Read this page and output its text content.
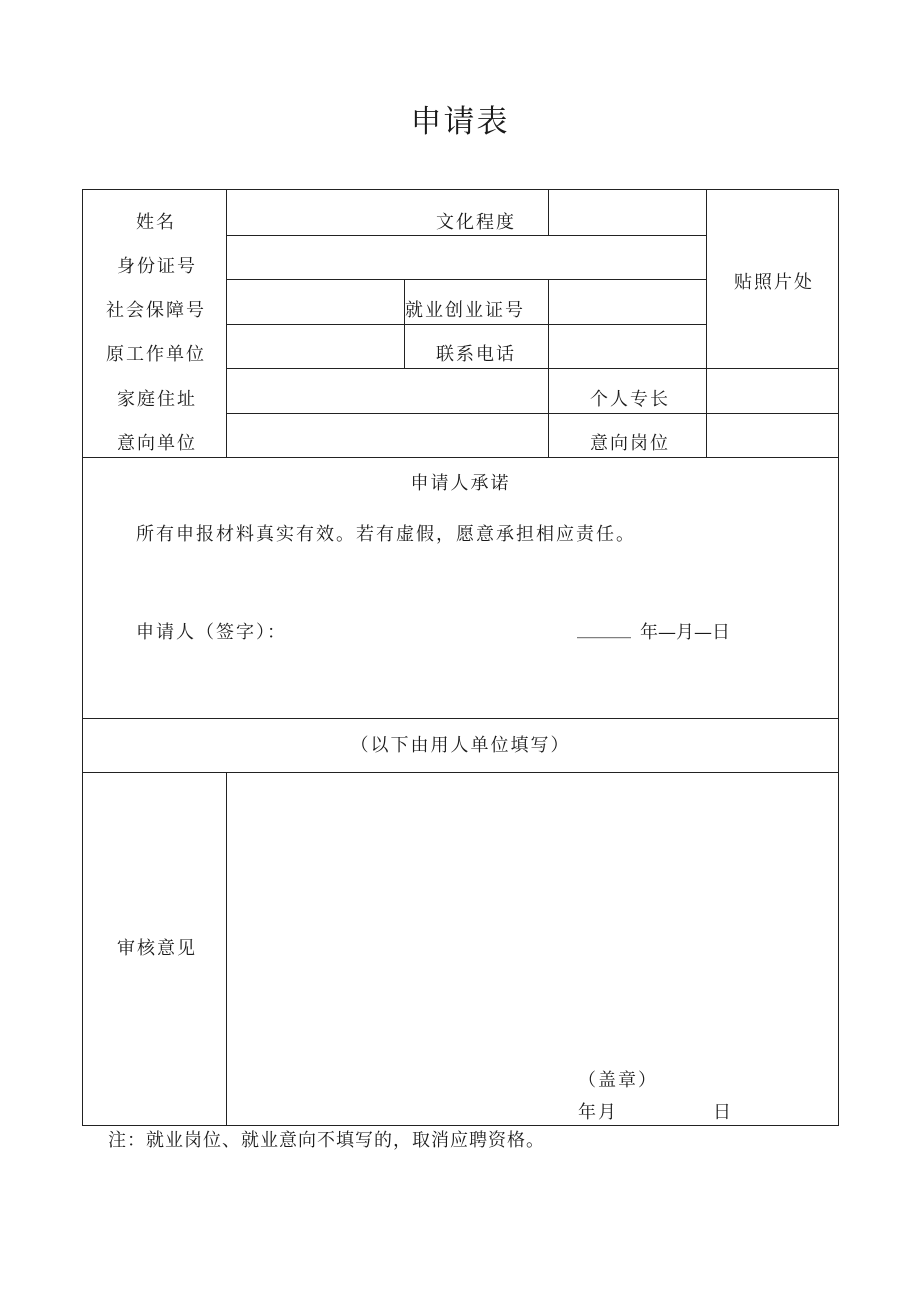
申请表
姓名	文化程度
贴照片处
身份证号
社会保障号	就业创业证号
原工作单位	联系电话
家庭住址	个人专长
意向单位	意向岗位
申请人承诺
所有申报材料真实有效。若有虚假，愿意承担相应责任。
申请人（签字）：	______ 年—月—日
（以下由用人单位填写）
审核意见
（盖章）
年月	日
注：就业岗位、就业意向不填写的，取消应聘资格。
